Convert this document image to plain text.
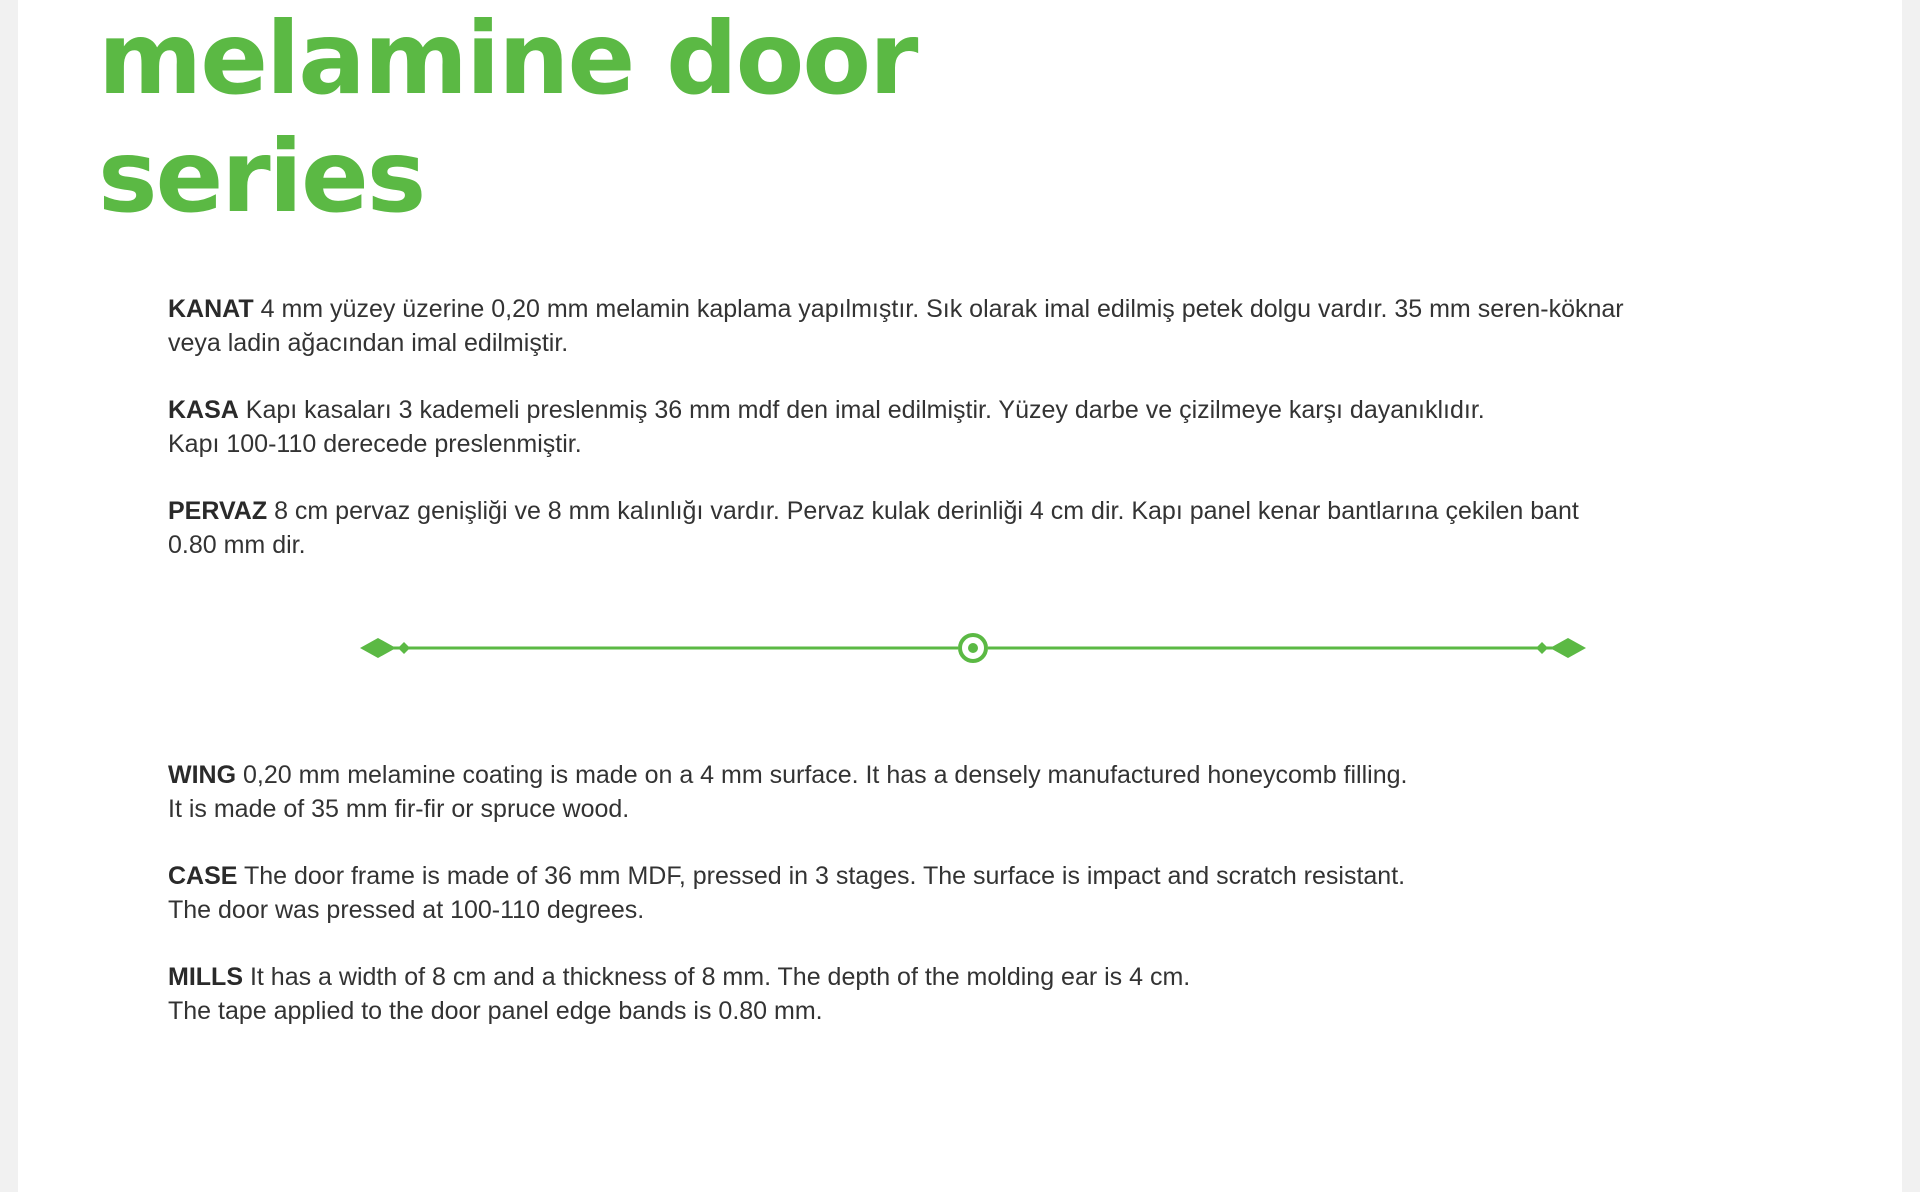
melamine door
series

KANAT 4 mm yüzey üzerine 0,20 mm melamin kaplama yapılmıştır. Sık olarak imal edilmiş petek dolgu vardır. 35 mm seren-köknar
veya ladin ağacından imal edilmiştir.

KASA Kapı kasaları 3 kademeli preslenmiş 36 mm mdf den imal edilmiştir. Yüzey darbe ve çizilmeye karşı dayanıklıdır.
Kapı 100-110 derecede preslenmiştir.

PERVAZ 8 cm pervaz genişliği ve 8 mm kalınlığı vardır. Pervaz kulak derinliği 4 cm dir. Kapı panel kenar bantlarına çekilen bant
0.80 mm dir.

WING 0,20 mm melamine coating is made on a 4 mm surface. It has a densely manufactured honeycomb filling.
It is made of 35 mm fir-fir or spruce wood.

CASE The door frame is made of 36 mm MDF, pressed in 3 stages. The surface is impact and scratch resistant.
The door was pressed at 100-110 degrees.

MILLS It has a width of 8 cm and a thickness of 8 mm. The depth of the molding ear is 4 cm.
The tape applied to the door panel edge bands is 0.80 mm.
